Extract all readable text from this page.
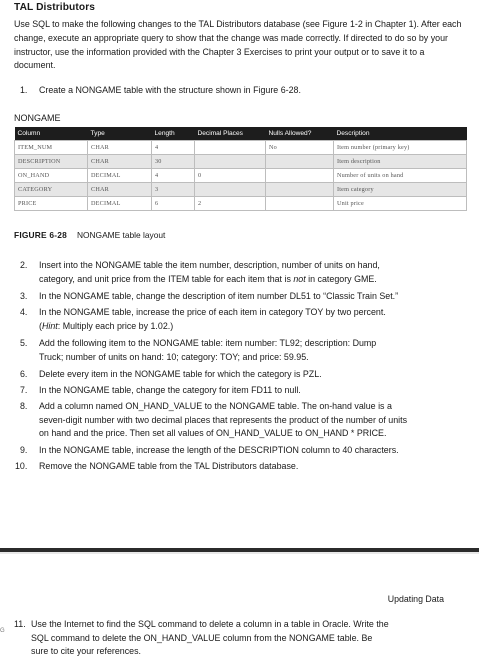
TAL Distributors
Use SQL to make the following changes to the TAL Distributors database (see Figure 1-2 in Chapter 1). After each change, execute an appropriate query to show that the change was made correctly. If directed to do so by your instructor, use the information provided with the Chapter 3 Exercises to print your output or to save it to a document.
1. Create a NONGAME table with the structure shown in Figure 6-28.
NONGAME
Column	Type	Length	Decimal Places	Nulls Allowed?	Description
ITEM_NUM	CHAR	4		No	Item number (primary key)
DESCRIPTION	CHAR	30			Item description
ON_HAND	DECIMAL	4	0		Number of units on hand
CATEGORY	CHAR	3			Item category
PRICE	DECIMAL	6	2		Unit price
FIGURE 6-28 NONGAME table layout
2. Insert into the NONGAME table the item number, description, number of units on hand,
category, and unit price from the ITEM table for each item that is not in category GME.
3. In the NONGAME table, change the description of item number DL51 to “Classic Train Set.”
4. In the NONGAME table, increase the price of each item in category TOY by two percent.
(Hint: Multiply each price by 1.02.)
5. Add the following item to the NONGAME table: item number: TL92; description: Dump
Truck; number of units on hand: 10; category: TOY; and price: 59.95.
6. Delete every item in the NONGAME table for which the category is PZL.
7. In the NONGAME table, change the category for item FD11 to null.
8. Add a column named ON_HAND_VALUE to the NONGAME table. The on-hand value is a
seven-digit number with two decimal places that represents the product of the number of units
on hand and the price. Then set all values of ON_HAND_VALUE to ON_HAND * PRICE.
9. In the NONGAME table, increase the length of the DESCRIPTION column to 40 characters.
10. Remove the NONGAME table from the TAL Distributors database.
Updating Data
G
11. Use the Internet to find the SQL command to delete a column in a table in Oracle. Write the
SQL command to delete the ON_HAND_VALUE column from the NONGAME table. Be
sure to cite your references.
